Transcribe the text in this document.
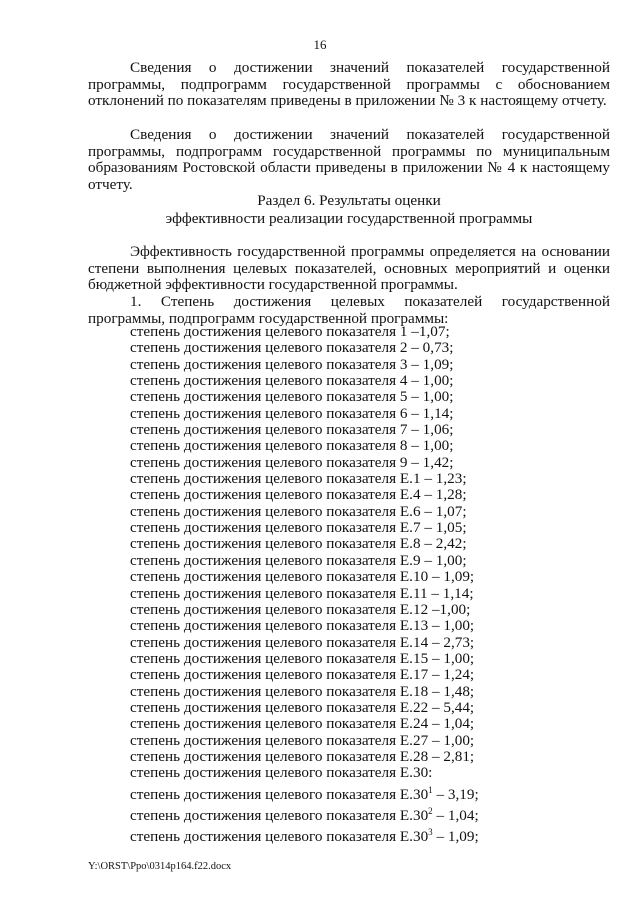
16

Сведения о достижении значений показателей государственной программы, подпрограмм государственной программы с обоснованием отклонений по показателям приведены в приложении № 3 к настоящему отчету.

Сведения о достижении значений показателей государственной программы, подпрограмм государственной программы по муниципальным образованиям Ростовской области приведены в приложении № 4 к настоящему отчету.

Раздел 6. Результаты оценки
эффективности реализации государственной программы

Эффективность государственной программы определяется на основании степени выполнения целевых показателей, основных мероприятий и оценки бюджетной эффективности государственной программы.

1. Степень достижения целевых показателей государственной программы, подпрограмм государственной программы:

степень достижения целевого показателя 1 –1,07;
степень достижения целевого показателя 2 – 0,73;
степень достижения целевого показателя 3 – 1,09;
степень достижения целевого показателя 4 – 1,00;
степень достижения целевого показателя 5 – 1,00;
степень достижения целевого показателя 6 – 1,14;
степень достижения целевого показателя 7 – 1,06;
степень достижения целевого показателя 8 – 1,00;
степень достижения целевого показателя 9 – 1,42;
степень достижения целевого показателя Е.1 – 1,23;
степень достижения целевого показателя Е.4 – 1,28;
степень достижения целевого показателя Е.6 – 1,07;
степень достижения целевого показателя Е.7 – 1,05;
степень достижения целевого показателя Е.8 – 2,42;
степень достижения целевого показателя Е.9 – 1,00;
степень достижения целевого показателя Е.10 – 1,09;
степень достижения целевого показателя Е.11 – 1,14;
степень достижения целевого показателя Е.12 –1,00;
степень достижения целевого показателя Е.13 – 1,00;
степень достижения целевого показателя Е.14 – 2,73;
степень достижения целевого показателя Е.15 – 1,00;
степень достижения целевого показателя Е.17 – 1,24;
степень достижения целевого показателя Е.18 – 1,48;
степень достижения целевого показателя Е.22 – 5,44;
степень достижения целевого показателя Е.24 – 1,04;
степень достижения целевого показателя Е.27 – 1,00;
степень достижения целевого показателя Е.28 – 2,81;
степень достижения целевого показателя Е.30:
степень достижения целевого показателя $Е.30^1 - 3,19$;
степень достижения целевого показателя $Е.30^2 - 1,04$;
степень достижения целевого показателя $Е.30^3 - 1,09$;
Y:\ORST\Ppo\0314p164.f22.docx
